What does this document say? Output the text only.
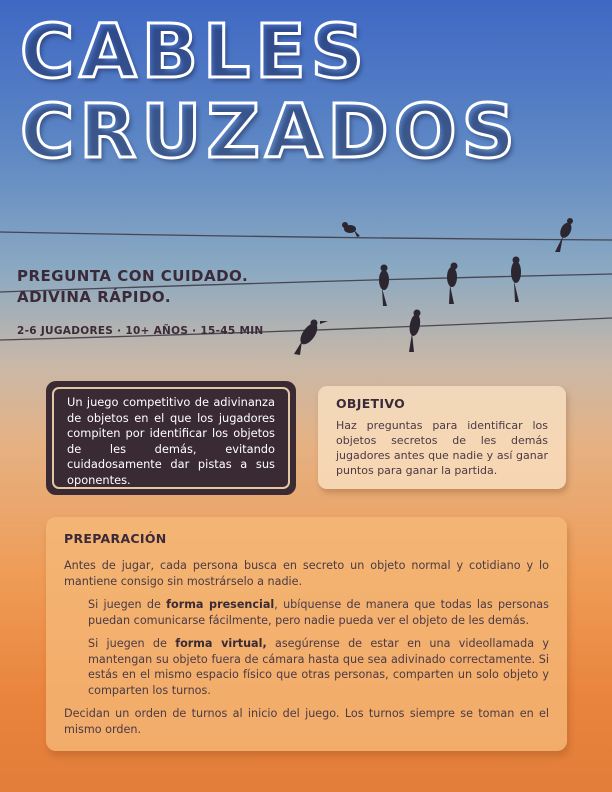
CABLES
CRUZADOS
PREGUNTA CON CUIDADO.
ADIVINA RÁPIDO.
2-6 JUGADORES · 10+ AÑOS · 15-45 MIN

Un juego competitivo de adivinanza de objetos en el que los jugadores compiten por identificar los objetos de les demás, evitando cuidadosamente dar pistas a sus oponentes.

OBJETIVO

Haz preguntas para identificar los objetos secretos de les demás jugadores antes que nadie y así ganar puntos para ganar la partida.

PREPARACIÓN

Antes de jugar, cada persona busca en secreto un objeto normal y cotidiano y lo mantiene consigo sin mostrárselo a nadie.

Si juegen de forma presencial, ubíquense de manera que todas las personas puedan comunicarse fácilmente, pero nadie pueda ver el objeto de les demás.

Si juegen de forma virtual, asegúrense de estar en una videollamada y mantengan su objeto fuera de cámara hasta que sea adivinado correctamente. Si estás en el mismo espacio físico que otras personas, comparten un solo objeto y comparten los turnos.

Decidan un orden de turnos al inicio del juego. Los turnos siempre se toman en el mismo orden.
